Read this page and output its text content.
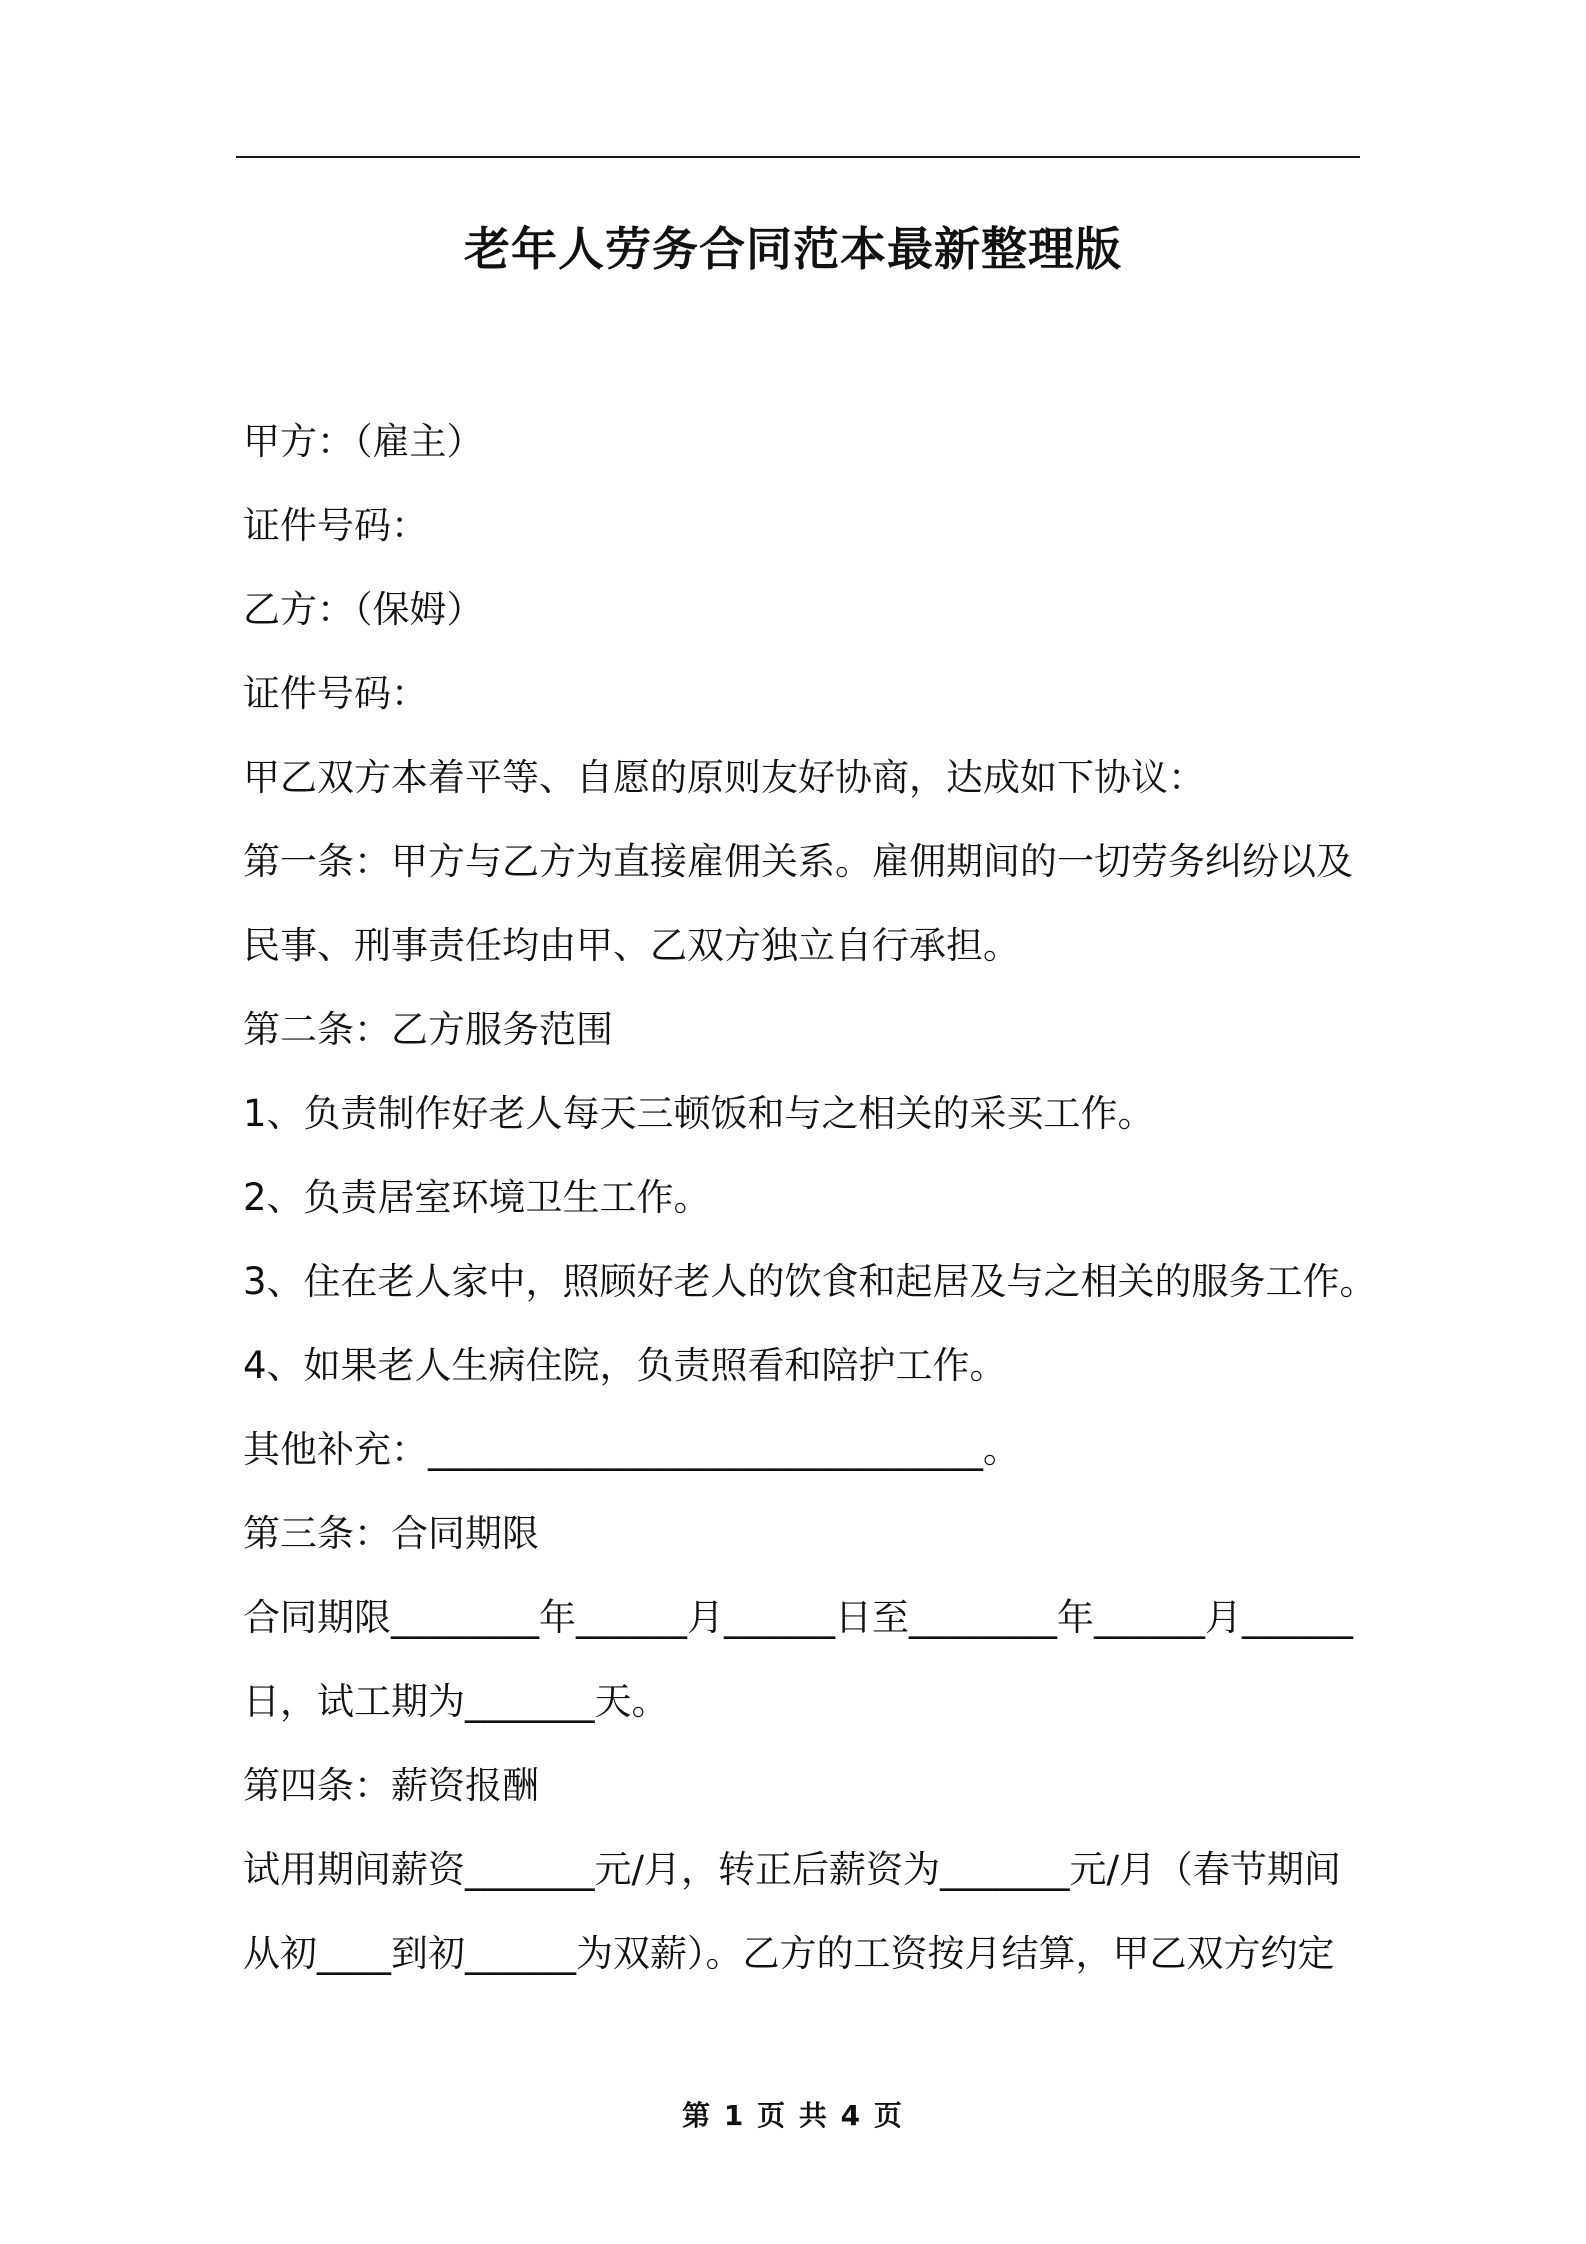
老年人劳务合同范本最新整理版
甲方：（雇主）
证件号码：
乙方：（保姆）
证件号码：
甲乙双方本着平等、自愿的原则友好协商，达成如下协议：
第一条：甲方与乙方为直接雇佣关系。雇佣期间的一切劳务纠纷以及
民事、刑事责任均由甲、乙双方独立自行承担。
第二条：乙方服务范围
1、负责制作好老人每天三顿饭和与之相关的采买工作。
2、负责居室环境卫生工作。
3、住在老人家中，照顾好老人的饮食和起居及与之相关的服务工作。
4、如果老人生病住院，负责照看和陪护工作。
其他补充：______________________________。
第三条：合同期限
合同期限________年______月______日至________年______月______
日，试工期为_______天。
第四条：薪资报酬
试用期间薪资_______元/月，转正后薪资为_______元/月（春节期间
从初____到初______为双薪）。乙方的工资按月结算，甲乙双方约定
第 1 页 共 4 页
